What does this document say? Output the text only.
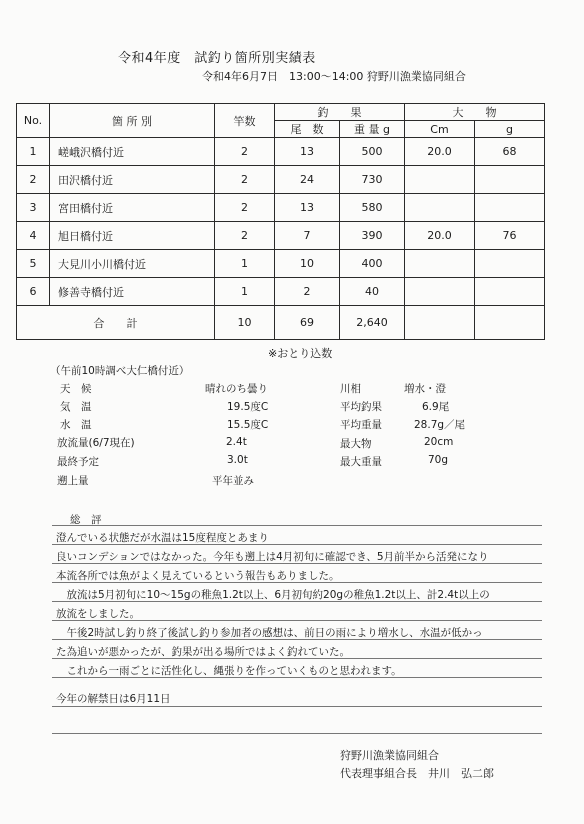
令和4年度　試釣り箇所別実績表
令和4年6月7日　13:00〜14:00 狩野川漁業協同組合
No.	箇 所 別	竿数	釣　　果		大　　物	
			尾　数	重 量 g	Cm	g
1	嵯峨沢橋付近	2	13	500	20.0	68
2	田沢橋付近	2	24	730		
3	宮田橋付近	2	13	580		
4	旭日橋付近	2	7	390	20.0	76
5	大見川小川橋付近	1	10	400		
6	修善寺橋付近	1	2	40		
合　　計		10	69	2,640		
※おとり込数
（午前10時調べ大仁橋付近）
天　候	晴れのち曇り
気　温	19.5度C
水　温	15.5度C
放流量(6/7現在)	2.4t
最終予定	3.0t
遡上量	平年並み
川相	増水・澄
平均釣果	6.9尾
平均重量	28.7g／尾
最大物	20cm
最大重量	70g
総　評
澄んでいる状態だが水温は15度程度とあまり
良いコンデションではなかった。今年も遡上は4月初旬に確認でき、5月前半から活発になり
本流各所では魚がよく見えているという報告もありました。
　放流は5月初旬に10〜15gの稚魚1.2t以上、6月初旬約20gの稚魚1.2t以上、計2.4t以上の
放流をしました。
　午後2時試し釣り終了後試し釣り参加者の感想は、前日の雨により増水し、水温が低かっ
た為追いが悪かったが、釣果が出る場所ではよく釣れていた。
　これから一雨ごとに活性化し、縄張りを作っていくものと思われます。
今年の解禁日は6月11日
狩野川漁業協同組合
代表理事組合長　井川　弘二郎
